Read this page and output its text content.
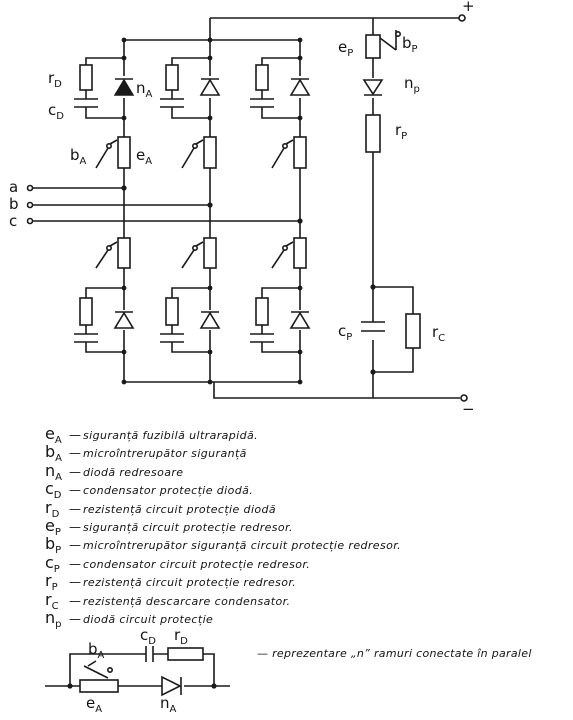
+
−
a
b
c
$e_P$
$b_P$
$n_p$
$r_P$
$c_P$	$r_C$
$r_D$
$c_D$
$n_A$
$b_A$	$e_A$
$b_A$
$c_D$ $r_D$
$e_A$	$n_A$
$e_A$ — siguranță fuzibilă ultrarapidă.
$b_A$ — microîntrerupător siguranță
$n_A$ — diodă redresoare
$c_D$ — condensator protecție diodă.
$r_D$ — rezistență circuit protecție diodă
$e_P$ — siguranță circuit protecție redresor.
$b_P$ — microîntrerupător siguranță circuit protecție redresor.
$c_P$ — condensator circuit protecție redresor.
$r_P$ — rezistență circuit protecție redresor.
$r_C$ — rezistență descarcare condensator.
$n_p$ — diodă circuit protecție
— reprezentare „n” ramuri conectate în paralel
